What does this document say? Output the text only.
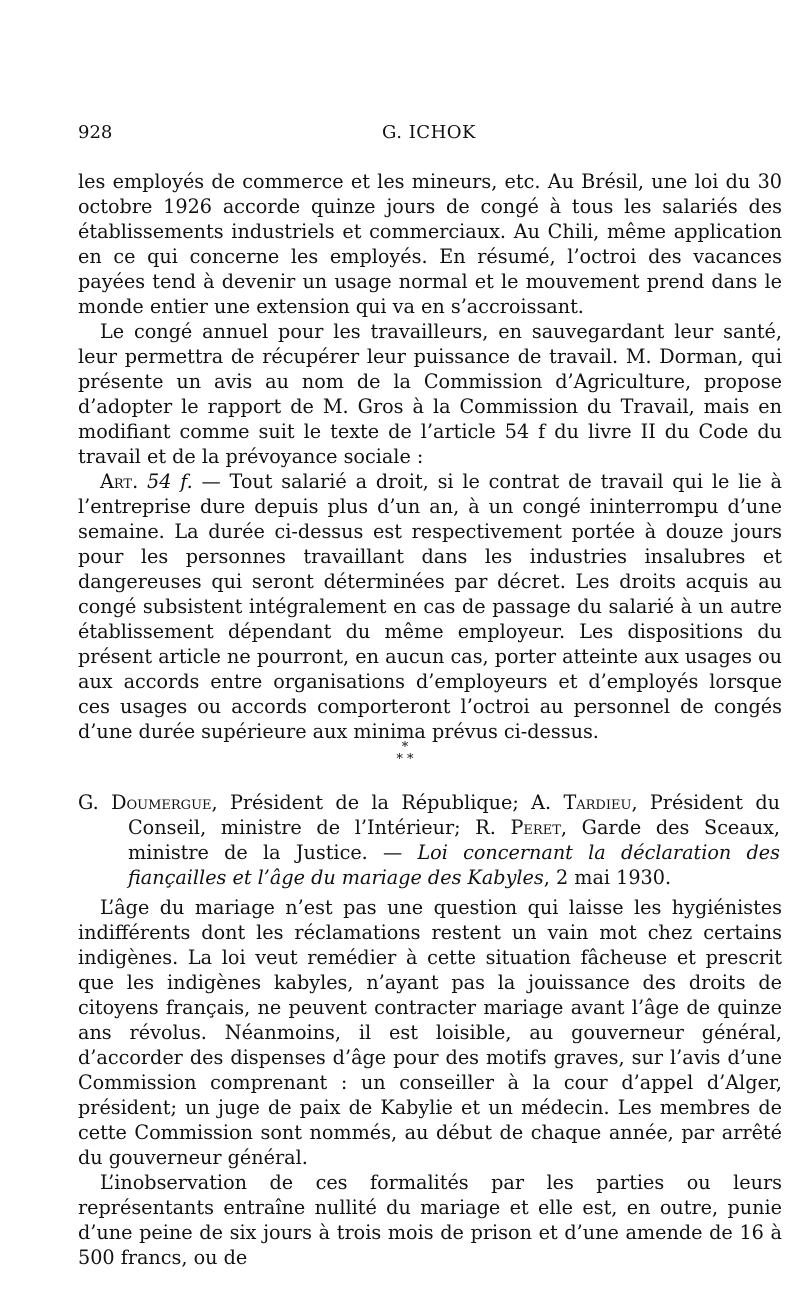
928	G. ICHOK

les employés de commerce et les mineurs, etc. Au Brésil, une loi du 30 octobre 1926 accorde quinze jours de congé à tous les salariés des établissements industriels et commerciaux. Au Chili, même application en ce qui concerne les employés. En résumé, l’octroi des vacances payées tend à devenir un usage normal et le mouvement prend dans le monde entier une extension qui va en s’accroissant.

Le congé annuel pour les travailleurs, en sauvegardant leur santé, leur permettra de récupérer leur puissance de travail. M. Dorman, qui présente un avis au nom de la Commission d’Agriculture, propose d’adopter le rapport de M. Gros à la Commission du Travail, mais en modifiant comme suit le texte de l’article 54 f du livre II du Code du travail et de la prévoyance sociale :

Art. 54 f. — Tout salarié a droit, si le contrat de travail qui le lie à l’entreprise dure depuis plus d’un an, à un congé ininterrompu d’une semaine. La durée ci-dessus est respectivement portée à douze jours pour les personnes travaillant dans les industries insalubres et dangereuses qui seront déterminées par décret. Les droits acquis au congé subsistent intégralement en cas de passage du salarié à un autre établissement dépendant du même employeur. Les dispositions du présent article ne pourront, en aucun cas, porter atteinte aux usages ou aux accords entre organisations d’employeurs et d’employés lorsque ces usages ou accords comporteront l’octroi au personnel de congés d’une durée supérieure aux minima prévus ci-dessus.

*
* *
G. Doumergue, Président de la République; A. Tardieu, Président du Conseil, ministre de l’Intérieur; R. Peret, Garde des Sceaux, ministre de la Justice. — Loi concernant la déclaration des fiançailles et l’âge du mariage des Kabyles, 2 mai 1930.

L’âge du mariage n’est pas une question qui laisse les hygiénistes indifférents dont les réclamations restent un vain mot chez certains indigènes. La loi veut remédier à cette situation fâcheuse et prescrit que les indigènes kabyles, n’ayant pas la jouissance des droits de citoyens français, ne peuvent contracter mariage avant l’âge de quinze ans révolus. Néanmoins, il est loisible, au gouverneur général, d’accorder des dispenses d’âge pour des motifs graves, sur l’avis d’une Commission comprenant : un conseiller à la cour d’appel d’Alger, président; un juge de paix de Kabylie et un médecin. Les membres de cette Commission sont nommés, au début de chaque année, par arrêté du gouverneur général.

L’inobservation de ces formalités par les parties ou leurs représentants entraîne nullité du mariage et elle est, en outre, punie d’une peine de six jours à trois mois de prison et d’une amende de 16 à 500 francs, ou de
